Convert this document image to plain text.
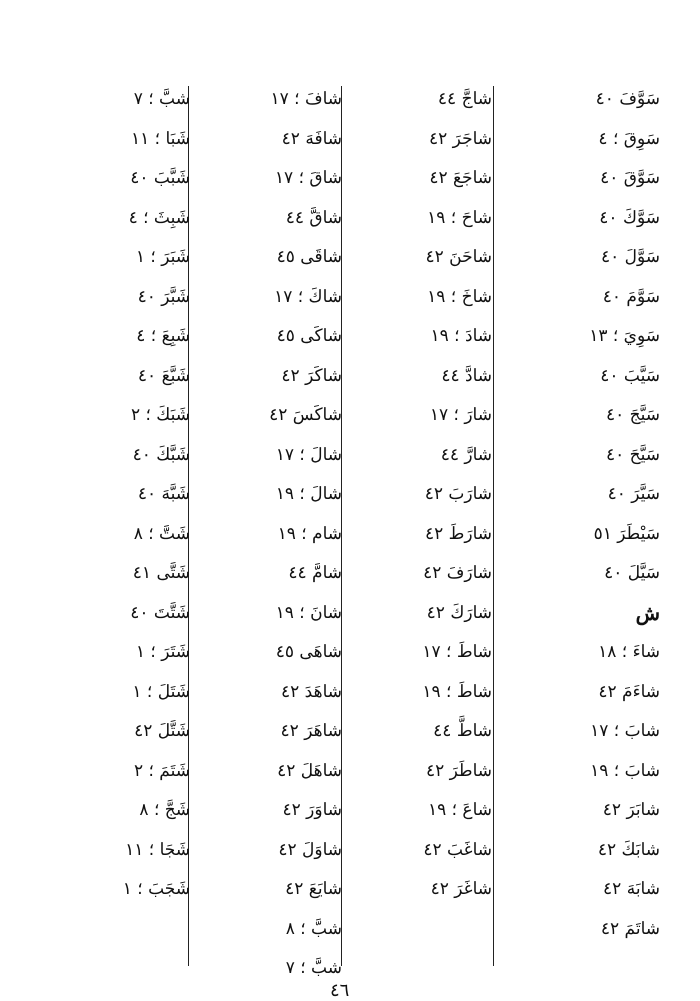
سَوَّفَ ٤٠
سَوِقَ ؛ ٤
سَوَّقَ ٤٠
سَوَّكَ ٤٠
سَوَّلَ ٤٠
سَوَّمَ ٤٠
سَوِيَ ؛ ١٣
سَيَّبَ ٤٠
سَيَّجَ ٤٠
سَيَّحَ ٤٠
سَيَّرَ ٤٠
سَيْطَرَ ٥١
سَيَّلَ ٤٠
ش
شاءَ ؛ ١٨
شاءَمَ ٤٢
شابَ ؛ ١٧
شابَ ؛ ١٩
شابَرَ ٤٢
شابَكَ ٤٢
شابَهَ ٤٢
شاتَمَ ٤٢
شاجَّ ٤٤
شاجَرَ ٤٢
شاجَعَ ٤٢
شاحَ ؛ ١٩
شاحَنَ ٤٢
شاخَ ؛ ١٩
شادَ ؛ ١٩
شادَّ ٤٤
شارَ ؛ ١٧
شارَّ ٤٤
شارَبَ ٤٢
شارَطَ ٤٢
شارَفَ ٤٢
شارَكَ ٤٢
شاطَ ؛ ١٧
شاطَ ؛ ١٩
شاطَّ ٤٤
شاطَرَ ٤٢
شاعَ ؛ ١٩
شاغَبَ ٤٢
شاغَرَ ٤٢
شافَ ؛ ١٧
شافَهَ ٤٢
شاقَ ؛ ١٧
شاقَّ ٤٤
شاقَى ٤٥
شاكَ ؛ ١٧
شاكَى ٤٥
شاكَرَ ٤٢
شاكَسَ ٤٢
شالَ ؛ ١٧
شالَ ؛ ١٩
شام ؛ ١٩
شامَّ ٤٤
شانَ ؛ ١٩
شاهَى ٤٥
شاهَدَ ٤٢
شاهَرَ ٤٢
شاهَلَ ٤٢
شاوَرَ ٤٢
شاوَلَ ٤٢
شايَعَ ٤٢
شبَّ ؛ ٨
شبَّ ؛ ٧
شبَّ ؛ ٧
شَبَا ؛ ١١
شَبَّبَ ٤٠
شَبِثَ ؛ ٤
شَبَرَ ؛ ١
شَبَّرَ ٤٠
شَبِعَ ؛ ٤
شَبَّعَ ٤٠
شَبَكَ ؛ ٢
شَبَّكَ ٤٠
شَبَّهَ ٤٠
شَتَّ ؛ ٨
شَتَّى ٤١
شَتَّتَ ٤٠
شَتَرَ ؛ ١
شَتَلَ ؛ ١
شَتَّلَ ٤٢
شَتَمَ ؛ ٢
شَجَّ ؛ ٨
شَجَا ؛ ١١
شَجَبَ ؛ ١
٤٦
